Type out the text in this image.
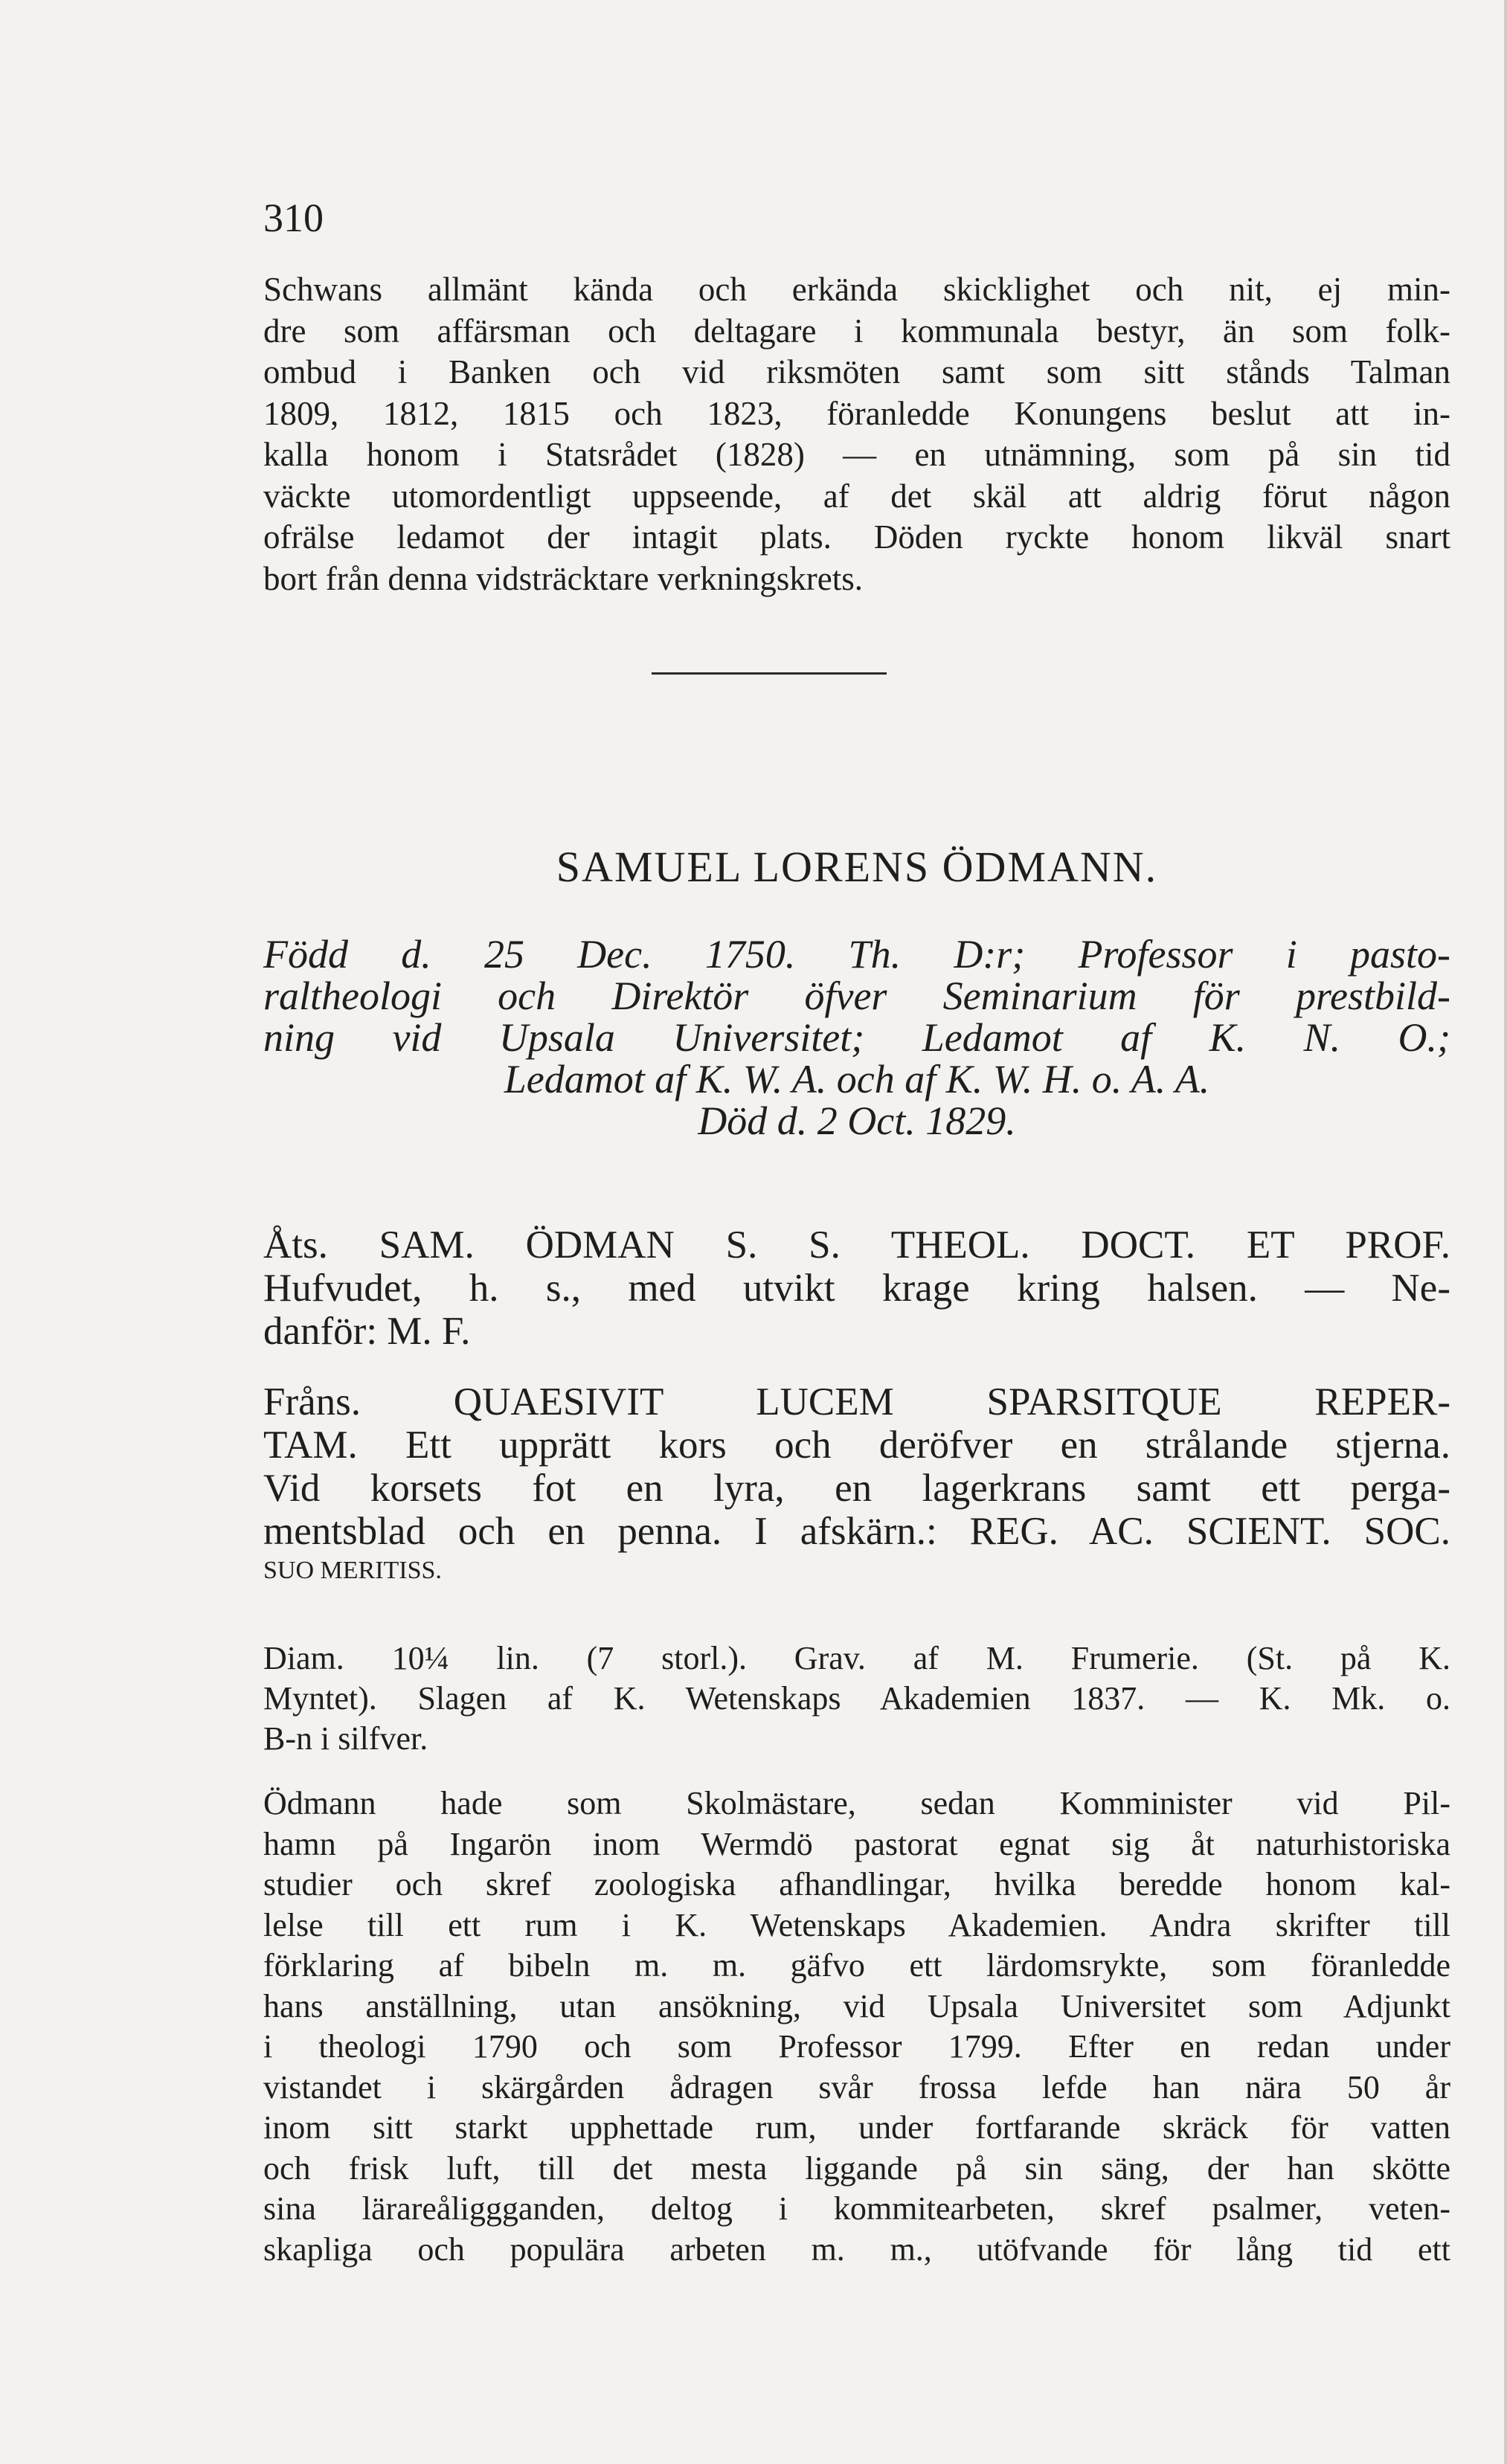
310
Schwans allmänt kända och erkända skicklighet och nit, ej min-
dre som affärsman och deltagare i kommunala bestyr, än som folk-
ombud i Banken och vid riksmöten samt som sitt stånds Talman
1809, 1812, 1815 och 1823, föranledde Konungens beslut att in-
kalla honom i Statsrådet (1828) — en utnämning, som på sin tid
väckte utomordentligt uppseende, af det skäl att aldrig förut någon
ofrälse ledamot der intagit plats. Döden ryckte honom likväl snart
bort från denna vidsträcktare verkningskrets.
SAMUEL LORENS ÖDMANN.
Född d. 25 Dec. 1750. Th. D:r; Professor i pasto-
raltheologi och Direktör öfver Seminarium för prestbild-
ning vid Upsala Universitet; Ledamot af K. N. O.;
Ledamot af K. W. A. och af K. W. H. o. A. A.
Död d. 2 Oct. 1829.
Åts. SAM. ÖDMAN S. S. THEOL. DOCT. ET PROF.
Hufvudet, h. s., med utvikt krage kring halsen. — Ne-
danför: M. F.
Fråns. QUAESIVIT LUCEM SPARSITQUE REPER-
TAM. Ett upprätt kors och deröfver en strålande stjerna.
Vid korsets fot en lyra, en lagerkrans samt ett perga-
mentsblad och en penna. I afskärn.: REG. AC. SCIENT. SOC.
SUO MERITISS.
Diam. 10¼ lin. (7 storl.). Grav. af M. Frumerie. (St. på K.
Myntet). Slagen af K. Wetenskaps Akademien 1837. — K. Mk. o.
B-n i silfver.
Ödmann hade som Skolmästare, sedan Komminister vid Pil-
hamn på Ingarön inom Wermdö pastorat egnat sig åt naturhistoriska
studier och skref zoologiska afhandlingar, hvilka beredde honom kal-
lelse till ett rum i K. Wetenskaps Akademien. Andra skrifter till
förklaring af bibeln m. m. gäfvo ett lärdomsrykte, som föranledde
hans anställning, utan ansökning, vid Upsala Universitet som Adjunkt
i theologi 1790 och som Professor 1799. Efter en redan under
vistandet i skärgården ådragen svår frossa lefde han nära 50 år
inom sitt starkt upphettade rum, under fortfarande skräck för vatten
och frisk luft, till det mesta liggande på sin säng, der han skötte
sina lärareåliggganden, deltog i kommitearbeten, skref psalmer, veten-
skapliga och populära arbeten m. m., utöfvande för lång tid ett
